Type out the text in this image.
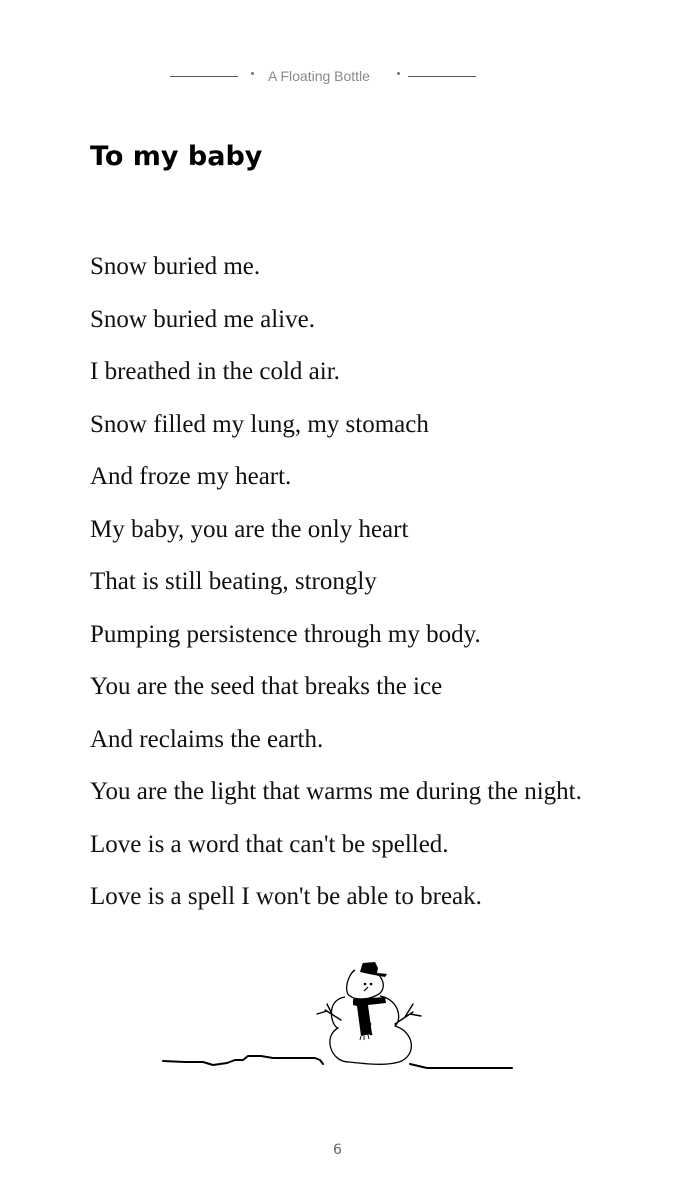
A Floating Bottle
To my baby
Snow buried me.
Snow buried me alive.
I breathed in the cold air.
Snow filled my lung, my stomach
And froze my heart.
My baby, you are the only heart
That is still beating, strongly
Pumping persistence through my body.
You are the seed that breaks the ice
And reclaims the earth.
You are the light that warms me during the night.
Love is a word that can't be spelled.
Love is a spell I won't be able to break.
6
